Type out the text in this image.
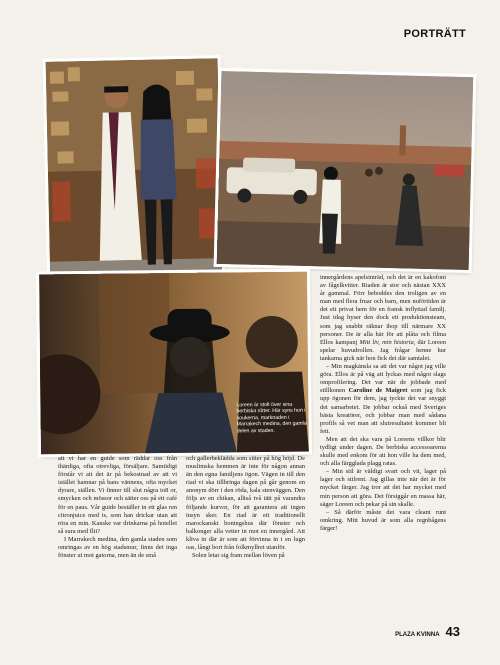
PORTRÄTT
Loreen är stolt över sina berbiska rötter. Här syns hon i soukerna, marknaden i Marrakech medina, den gamla delen av staden.

att vi har en guide som räddar oss från ihärdiga, ofta otrevliga, försäljare. Samtidigt förstår vi att det är på bekostnad av att vi istället hamnar på hans vännens, ofta mycket dyrare, ställen. Vi finner till slut några to8 or, smycken och mössor och sätter oss på ett café för en paus. Vår guide beställer in ett glas ren citronjuice med is, som han drickar utan att röra en min. Kanske var drinkarna på hotellet så sura med flit?

I Marrakech medina, den gamla staden som omringas av en hög stadsmur, finns det inga fönster ut mot gatorna, men än de små

och gallerbeklädda som sitter på hög höjd. De muslimska hemmen är inte för någon annan än den egna familjens ögon. Vägen in till den riad vi ska tillbringa dagen på går genom en anonym dörr i den röda, kala stenväggen. Den följs av en chikan, alltså två tätt på varandra följande kurvor, för att garantera att ingen insyn sker. En riad är ett traditionellt marockanskt boningshus där fönster och balkonger alla vetter in mot en innergård. Att kliva in där är som att förvinna in i en lugn oas, långt bort från folkmyllret utanför.

Solen letar sig fram mellan löven på

innergårdens apelsinträd, och det är en kakofoni av fågelkvitter. Riaden är stor och nästan XXX år gammal. Förr beboddes den troligen av en man med flera fruar och barn, men nuförtiden är det ett privat hem för en fransk inflyttad familj. Just idag hyser den dock ett produktionsteam, som jag snabbt räknar ihop till närmare XX personer. De är alla här för att plåta och filma Ellos kampanj Mitt liv, min historia, där Loreen spelar huvudrollen. Jag frågar henne hur tankarna gick när hon fick det där samtalet.

– Min magkänsla sa att det var något jag ville göra. Ellos är på väg att lyckas med något slags omprofilering. Det var när de jobbade med stillkonen Caroline de Maigret som jag fick upp ögonen för dem, jag tyckte det var snyggt det samarbetet. De jobbar också med Sveriges bästa kreatörer, och jobbar man med sådana profils så vet man att slutresultatet kommer bli fett.

Men att det ska vara på Loreens villkor blir tydligt under dagen. De berbiska accessoarerna skulle med enkom för att hon ville ha dem med, och alla färgglada plagg ratas.

– Min stil är väldigt svart och vit, lager på lager och stilrent. Jag gillas inte när det är för mycket färger. Jag tror att det har mycket med min person att göra. Det försiggår en massa här, säger Loreen och pekar på sin skalle.

– Så därför måste det vara cleant runt omkring. Mitt huvud är som alla regnbågens färger!

PLAZA KVINNA 43
